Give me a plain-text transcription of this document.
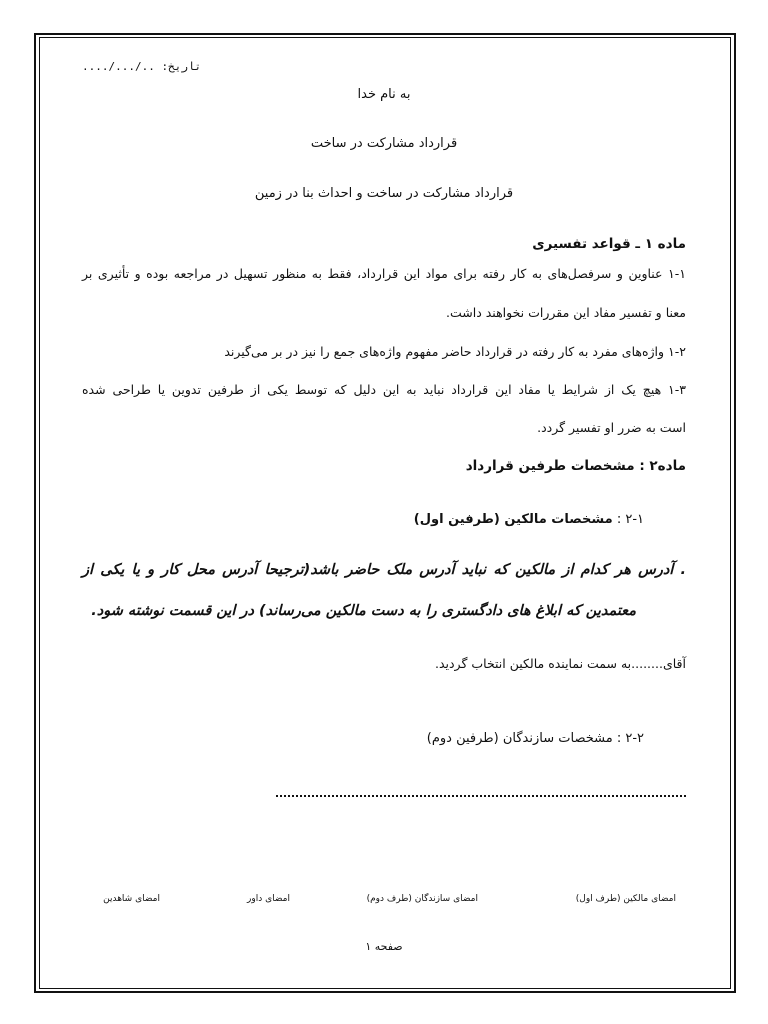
تاریخ: ../.../....
به نام خدا
قرارداد مشارکت در ساخت
قرارداد مشارکت در ساخت و احداث بنا در زمین
ماده ۱ ـ قواعد تفسیری
۱-۱ عناوین و سرفصل‌های به کار رفته برای مواد این قرارداد، فقط به منظور تسهیل در مراجعه بوده و تأثیری بر
معنا و تفسیر مفاد این مقررات نخواهند داشت.
۱-۲ واژه‌های مفرد به کار رفته در قرارداد حاضر مفهوم واژه‌های جمع را نیز در بر می‌گیرند
۱-۳ هیچ یک از شرایط یا مفاد این قرارداد نباید به این دلیل که توسط یکی از طرفین تدوین یا طراحی شده
است به ضرر او تفسیر گردد.
ماده۲ : مشخصات طرفین قرارداد
۲-۱ : مشخصات مالکین (طرفین اول)
. آدرس هر کدام از مالکین که نباید آدرس ملک حاضر باشد(ترجیحا آدرس محل کار و یا یکی از
معتمدین که ابلاغ های دادگستری را به دست مالکین می‌رساند) در این قسمت نوشته شود.
آقای........به سمت نماینده مالکین انتخاب گردید.
۲-۲ : مشخصات سازندگان (طرفین دوم)
امضای مالکین (طرف اول)
امضای سازندگان (طرف دوم)
امضای داور
امضای شاهدین
صفحه ۱
